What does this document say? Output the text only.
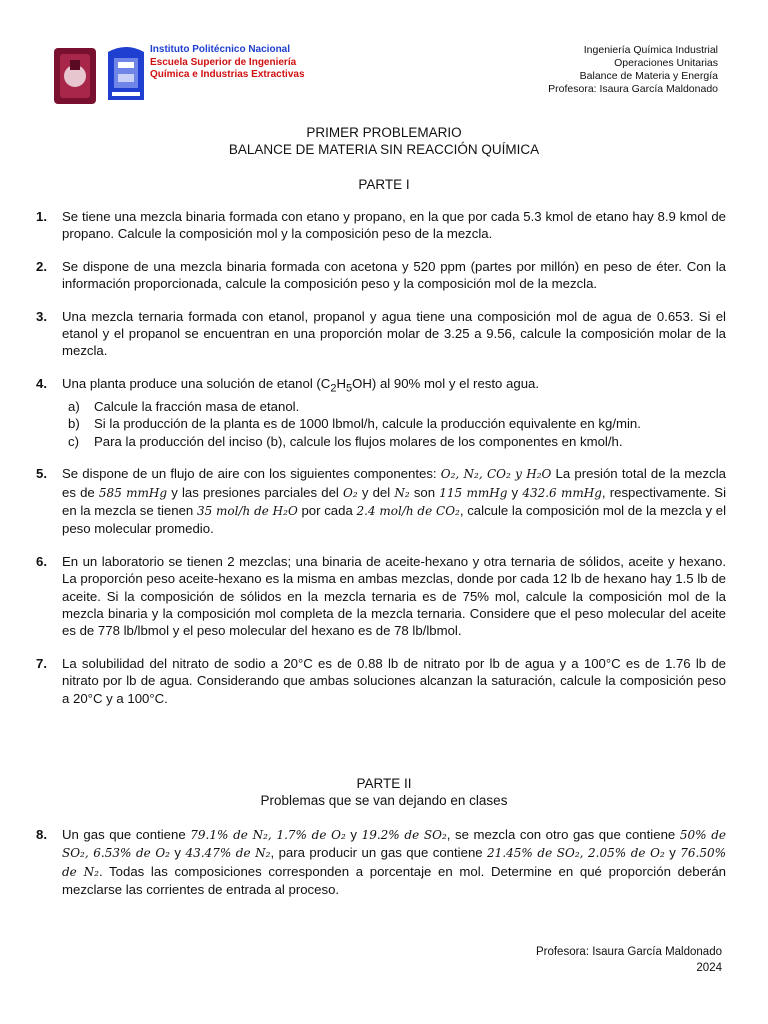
Instituto Politécnico Nacional
Escuela Superior de Ingeniería
Química e Industrias Extractivas
Ingeniería Química Industrial
Operaciones Unitarias
Balance de Materia y Energía
Profesora: Isaura García Maldonado
PRIMER PROBLEMARIO
BALANCE DE MATERIA SIN REACCIÓN QUÍMICA
PARTE I
1.	Se tiene una mezcla binaria formada con etano y propano, en la que por cada 5.3 kmol de etano hay 8.9 kmol de propano. Calcule la composición mol y la composición peso de la mezcla.
2.	Se dispone de una mezcla binaria formada con acetona y 520 ppm (partes por millón) en peso de éter. Con la información proporcionada, calcule la composición peso y la composición mol de la mezcla.
3.	Una mezcla ternaria formada con etanol, propanol y agua tiene una composición mol de agua de 0.653. Si el etanol y el propanol se encuentran en una proporción molar de 3.25 a 9.56, calcule la composición molar de la mezcla.
4.	Una planta produce una solución de etanol $(C_2H_5OH)$ al 90% mol y el resto agua.
a)	Calcule la fracción masa de etanol.
b)	Si la producción de la planta es de 1000 lbmol/h, calcule la producción equivalente en kg/min.
c)	Para la producción del inciso (b), calcule los flujos molares de los componentes en kmol/h.
5.	Se dispone de un flujo de aire con los siguientes componentes: O₂, N₂, CO₂ y H₂O La presión total de la mezcla es de 585 mmHg y las presiones parciales del O₂ y del N₂ son 115 mmHg y 432.6 mmHg, respectivamente. Si en la mezcla se tienen 35 mol/h de H₂O por cada 2.4 mol/h de CO₂, calcule la composición mol de la mezcla y el peso molecular promedio.
6.	En un laboratorio se tienen 2 mezclas; una binaria de aceite-hexano y otra ternaria de sólidos, aceite y hexano. La proporción peso aceite-hexano es la misma en ambas mezclas, donde por cada 12 lb de hexano hay 1.5 lb de aceite. Si la composición de sólidos en la mezcla ternaria es de 75% mol, calcule la composición mol de la mezcla binaria y la composición mol completa de la mezcla ternaria. Considere que el peso molecular del aceite es de 778 lb/lbmol y el peso molecular del hexano es de 78 lb/lbmol.
7.	La solubilidad del nitrato de sodio a 20°C es de 0.88 lb de nitrato por lb de agua y a 100°C es de 1.76 lb de nitrato por lb de agua. Considerando que ambas soluciones alcanzan la saturación, calcule la composición peso a 20°C y a 100°C.
PARTE II
Problemas que se van dejando en clases
8.	Un gas que contiene 79.1% de N₂, 1.7% de O₂ y 19.2% de SO₂, se mezcla con otro gas que contiene 50% de SO₂, 6.53% de O₂ y 43.47% de N₂, para producir un gas que contiene 21.45% de SO₂, 2.05% de O₂ y 76.50% de N₂. Todas las composiciones corresponden a porcentaje en mol. Determine en qué proporción deberán mezclarse las corrientes de entrada al proceso.
Profesora: Isaura García Maldonado
2024
